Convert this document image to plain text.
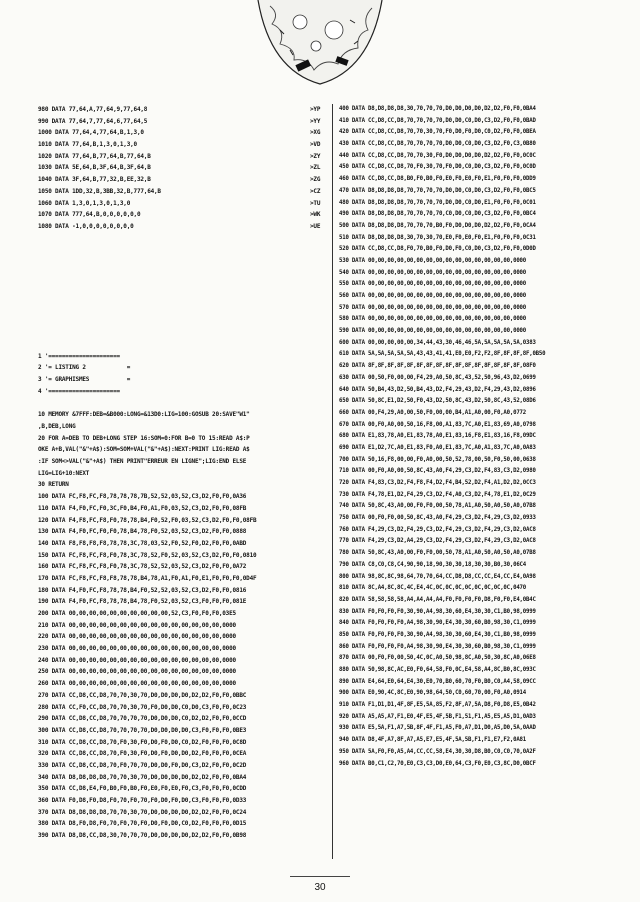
980 DATA 77,64,A,77,64,9,77,64,8	>YP
990 DATA 77,64,7,77,64,6,77,64,5	>YY
1000 DATA 77,64,4,77,64,B,1,3,0	>XG
1010 DATA 77,64,B,1,3,0,1,3,0	>VD
1020 DATA 77,64,B,77,64,B,77,64,B	>ZY
1030 DATA 5E,64,B,3F,64,B,3F,64,B	>ZL
1040 DATA 3F,64,B,77,32,B,EE,32,B	>ZG
1050 DATA 1DD,32,B,3BB,32,B,777,64,B	>CZ
1060 DATA 1,3,0,1,3,0,1,3,0	>TU
1070 DATA 777,64,B,0,0,0,0,0,0	>WK
1080 DATA -1,0,0,0,0,0,0,0,0	>UE
1 '=====================
2 '= LISTING 2            =
3 '= GRAPHISMES           =
4 '=====================
10 MEMORY &7FFF:DEB=&B000:LONG=&13D0:LIG=100:GOSUB 20:SAVE"W1"
,B,DEB,LONG
20 FOR A=DEB TO DEB+LONG STEP 16:SOM=0:FOR B=0 TO 15:READ A$:P
OKE A+B,VAL("&"+A$):SOM=SOM+VAL("&"+A$):NEXT:PRINT LIG:READ A$
:IF SOM<>VAL("&"+A$) THEN PRINT"ERREUR EN LIGNE";LIG:END ELSE
LIG=LIG+10:NEXT
30 RETURN
100 DATA FC,F8,FC,F8,78,78,78,7B,52,52,03,52,C3,D2,F0,F0,0A36
110 DATA F4,F0,FC,F0,3C,F0,B4,F0,A1,F0,03,52,C3,D2,F0,F0,08FB
120 DATA F4,F8,FC,F8,F0,78,78,B4,F0,52,F0,03,52,C3,D2,F0,F0,08FB
130 DATA F4,F0,FC,F0,F0,78,B4,78,F0,52,03,52,C3,D2,F0,F0,0888
140 DATA F8,F8,F8,F8,78,78,3C,78,03,52,F0,52,F0,D2,F0,F0,0ABD
150 DATA FC,F8,FC,F8,F0,78,3C,78,52,F0,52,03,52,C3,D2,F0,F0,0810
160 DATA FC,F8,FC,F8,F0,78,3C,78,52,52,03,52,C3,D2,F0,F0,0A72
170 DATA FC,F8,FC,F8,F8,78,78,B4,78,A1,F0,A1,F0,E1,F0,F0,F0,0D4F
180 DATA F4,F0,FC,F8,78,78,B4,F0,52,52,03,52,C3,D2,F0,F0,0816
190 DATA F4,F0,FC,F8,78,78,B4,78,F0,52,03,52,C3,F0,F0,F0,081E
200 DATA 00,00,00,00,00,00,00,00,00,00,52,C3,F0,F0,F0,03E5
210 DATA 00,00,00,00,00,00,00,00,00,00,00,00,00,00,00,0000
220 DATA 00,00,00,00,00,00,00,00,00,00,00,00,00,00,00,0000
230 DATA 00,00,00,00,00,00,00,00,00,00,00,00,00,00,00,0000
240 DATA 00,00,00,00,00,00,00,00,00,00,00,00,00,00,00,0000
250 DATA 00,00,00,00,00,00,00,00,00,00,00,00,00,00,00,0000
260 DATA 00,00,00,00,00,00,00,00,00,00,00,00,00,00,00,0000
270 DATA CC,D8,CC,D8,70,70,30,70,D0,D0,D0,D0,D2,D2,F0,F0,0BBC
280 DATA CC,F0,CC,D8,70,70,30,70,F0,D0,D0,C0,D0,C3,F0,F0,0C23
290 DATA CC,D8,CC,D8,70,70,70,70,D0,D0,D0,C0,D2,D2,F0,F0,0CCD
300 DATA CC,D8,CC,D8,70,70,70,70,D0,D0,D0,D0,C3,F0,F0,F0,0BE3
310 DATA CC,D8,CC,D8,70,F0,30,F0,D0,F0,D0,C0,D2,F0,F0,F0,0C8D
320 DATA CC,D8,CC,D8,70,F0,30,F0,D0,F0,D0,D0,D2,F0,F0,F0,0CEA
330 DATA CC,D8,CC,D8,70,F0,70,70,D0,D0,F0,D0,C3,D2,F0,F0,0C2D
340 DATA D8,D8,D8,D8,70,70,30,70,D0,D0,D0,D0,D2,D2,F0,F0,0BA4
350 DATA CC,D8,E4,F0,B0,F0,B0,F0,E0,F0,E0,F0,C3,F0,F0,F0,0CDD
360 DATA F0,D8,F0,D8,F0,70,F0,70,F0,D0,F0,D0,C3,F0,F0,F0,0D33
370 DATA D8,D8,D8,D8,70,70,30,70,D0,D0,D0,D0,D2,D2,F0,F0,0C24
380 DATA D8,F0,D8,F0,70,F0,70,F0,D0,F0,D0,C0,D2,F0,F0,F0,0D15
390 DATA D8,D8,CC,D8,30,70,70,70,D0,D0,D0,D0,D2,D2,F0,F0,0B98
400 DATA D8,D8,D8,D8,30,70,70,70,D0,D0,D0,D0,D2,D2,F0,F0,0BA4
410 DATA CC,D8,CC,D8,70,70,70,70,D0,D0,C0,D0,C3,D2,F0,F0,0BAD
420 DATA CC,D8,CC,D8,70,70,30,70,F0,D0,F0,D0,C0,D2,F0,F0,0BEA
430 DATA CC,D8,CC,D8,70,70,70,70,D0,D0,C0,D0,C3,D2,F0,C3,0B80
440 DATA CC,D8,CC,D8,70,70,30,F0,D0,D0,D0,D0,D2,D2,F0,F0,0C0C
450 DATA CC,D8,CC,D8,70,F0,30,70,F0,D0,C0,D0,C3,D2,F0,F0,0C0D
460 DATA CC,D8,CC,D8,B0,F0,B0,F0,E0,F0,E0,F0,E1,F0,F0,F0,0DD9
470 DATA D8,D8,D8,D8,70,70,70,70,D0,D0,C0,D0,C3,D2,F0,F0,0BC5
480 DATA D8,D8,D8,D8,70,70,70,70,D0,D0,C0,D0,E1,F0,F0,F0,0C01
490 DATA D8,D8,D8,D8,70,70,70,70,C0,D0,C0,D0,C3,D2,F0,F0,0BC4
500 DATA D8,D8,D8,D8,70,70,70,B0,F0,D0,D0,D0,D2,D2,F0,F0,0CA4
510 DATA D8,D8,D8,D8,30,70,30,70,E0,F0,E0,F0,E1,F0,F0,F0,0C31
520 DATA CC,D8,CC,D8,F0,70,B0,F0,D0,F0,C0,D0,C3,D2,F0,F0,0D0D
530 DATA 00,00,00,00,00,00,00,00,00,00,00,00,00,00,00,0000
540 DATA 00,00,00,00,00,00,00,00,00,00,00,00,00,00,00,0000
550 DATA 00,00,00,00,00,00,00,00,00,00,00,00,00,00,00,0000
560 DATA 00,00,00,00,00,00,00,00,00,00,00,00,00,00,00,0000
570 DATA 00,00,00,00,00,00,00,00,00,00,00,00,00,00,00,0000
580 DATA 00,00,00,00,00,00,00,00,00,00,00,00,00,00,00,0000
590 DATA 00,00,00,00,00,00,00,00,00,00,00,00,00,00,00,0000
600 DATA 00,00,00,00,00,34,44,43,30,46,46,5A,5A,5A,5A,5A,0383
610 DATA 5A,5A,5A,5A,5A,43,43,41,41,E0,E0,F2,F2,8F,8F,8F,8F,0B50
620 DATA 8F,8F,8F,8F,8F,8F,8F,8F,8F,8F,8F,8F,8F,8F,8F,8F,08F0
630 DATA 00,50,F0,00,00,F4,29,A0,50,8C,43,52,50,96,43,D2,0699
640 DATA 50,B4,43,D2,50,B4,43,D2,F4,29,43,D2,F4,29,43,D2,0896
650 DATA 50,8C,E1,D2,50,F0,43,D2,50,8C,43,D2,50,8C,43,52,08D6
660 DATA 00,F4,29,A0,00,50,F0,00,00,B4,A1,A0,00,F0,A0,0772
670 DATA 00,F0,A0,00,50,16,F8,00,A1,83,7C,A0,E1,83,69,A0,0798
680 DATA E1,83,78,A0,E1,83,78,A0,E1,83,16,F8,E1,83,16,F8,09DC
690 DATA E1,D2,7C,A0,E1,83,F0,A0,E1,83,7C,A0,A1,83,7C,A0,0A83
700 DATA 50,16,F8,00,00,F0,A0,00,50,52,78,00,50,F0,50,00,0638
710 DATA 00,F0,A0,00,50,8C,43,A0,F4,29,C3,D2,F4,83,C3,D2,0980
720 DATA F4,83,C3,D2,F4,F8,F4,D2,F4,B4,52,D2,F4,A1,D2,D2,0CC3
730 DATA F4,78,E1,D2,F4,29,C3,D2,F4,A0,C3,D2,F4,78,E1,D2,0C29
740 DATA 50,8C,43,A0,00,F0,F0,00,50,78,A1,A0,50,A0,50,A0,07B8
750 DATA 00,F0,F0,00,50,8C,43,A0,F4,29,C3,D2,F4,29,C3,D2,0933
760 DATA F4,29,C3,D2,F4,29,C3,D2,F4,29,C3,D2,F4,29,C3,D2,0AC8
770 DATA F4,29,C3,D2,A4,29,C3,D2,F4,29,C3,D2,F4,29,C3,D2,0AC8
780 DATA 50,8C,43,A0,00,F0,F0,00,50,78,A1,A0,50,A0,50,A0,07B8
790 DATA C8,C0,C8,C4,90,90,18,90,30,30,18,30,30,B0,30,06C4
800 DATA 98,8C,8C,98,64,70,70,64,CC,D8,D8,CC,CC,E4,CC,E4,0A98
810 DATA 8C,A4,8C,8C,4C,E4,4C,0C,0C,0C,0C,0C,0C,0C,0C,0470
820 DATA 58,58,58,58,A4,A4,A4,A4,F0,F0,F0,F0,D8,F0,F0,E4,0B4C
830 DATA F0,F0,F0,F0,30,90,A4,98,30,60,E4,30,30,C1,B0,98,0999
840 DATA F0,F0,F0,F0,A4,98,30,90,E4,30,30,60,B0,98,30,C1,0999
850 DATA F0,F0,F0,F0,30,90,A4,98,30,30,60,E4,30,C1,B0,98,0999
860 DATA F0,F0,F0,F0,A4,98,30,90,E4,30,30,60,B0,98,30,C1,0999
870 DATA 00,F0,F0,00,50,4C,0C,A0,50,98,8C,A0,50,30,8C,A0,06E8
880 DATA 50,98,8C,AC,E0,F0,64,58,F0,0C,E4,58,A4,8C,B0,8C,093C
890 DATA E4,64,E0,64,E4,30,E0,70,B0,60,70,F0,B0,C0,A4,58,09CC
900 DATA E0,90,4C,8C,E0,90,98,64,50,C0,60,70,00,F0,A0,0914
910 DATA F1,D1,D1,4F,8F,E5,5A,85,F2,8F,A7,5A,D8,F0,D8,E5,0B42
920 DATA A5,A5,A7,F1,E0,4F,E5,4F,5B,F1,51,F1,A5,E5,A5,D1,0AD3
930 DATA E5,5A,F1,A7,5B,8F,4F,F1,A5,F0,A7,D1,D0,A5,D0,5A,0AAD
940 DATA D8,4F,A7,8F,A7,A5,E7,E5,4F,5A,5B,F1,F1,E7,F2,0A81
950 DATA 5A,F0,F0,A5,A4,CC,CC,58,E4,30,30,D8,B0,C0,C0,70,0A2F
960 DATA B0,C1,C2,70,E0,C3,C3,D0,E0,64,C3,F0,E0,C3,8C,D0,0BCF
30
